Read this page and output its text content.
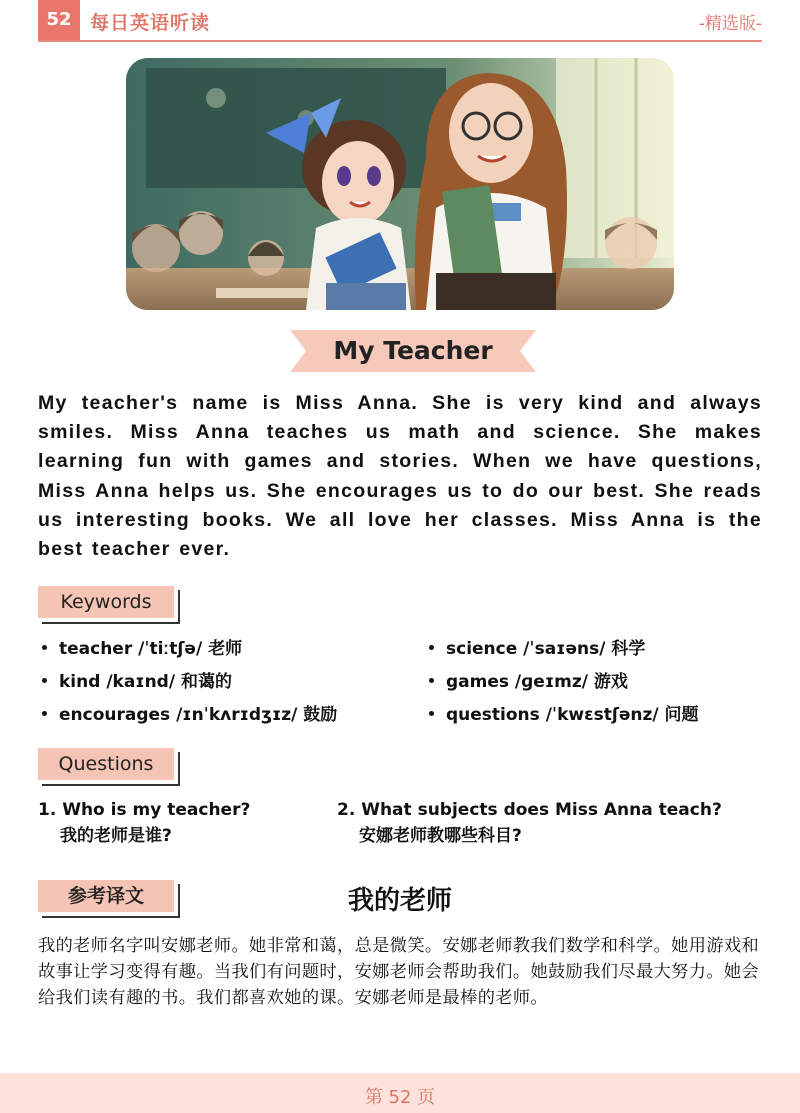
52 每日英语听读	-精选版-
My Teacher
My teacher's name is Miss Anna. She is very kind and always smiles. Miss Anna teaches us math and science. She makes learning fun with games and stories. When we have questions, Miss Anna helps us. She encourages us to do our best. She reads us interesting books. We all love her classes. Miss Anna is the best teacher ever.
Keywords
teacher /ˈtiːtʃə/ 老师
kind /kaɪnd/ 和蔼的
encourages /ɪnˈkʌrɪdʒɪz/ 鼓励
science /ˈsaɪəns/ 科学
games /ɡeɪmz/ 游戏
questions /ˈkwɛstʃənz/ 问题
Questions
1. Who is my teacher?
我的老师是谁?
2. What subjects does Miss Anna teach?
安娜老师教哪些科目?
参考译文	我的老师
我的老师名字叫安娜老师。她非常和蔼，总是微笑。安娜老师教我们数学和科学。她用游戏和故事让学习变得有趣。当我们有问题时，安娜老师会帮助我们。她鼓励我们尽最大努力。她会给我们读有趣的书。我们都喜欢她的课。安娜老师是最棒的老师。
第 52 页
